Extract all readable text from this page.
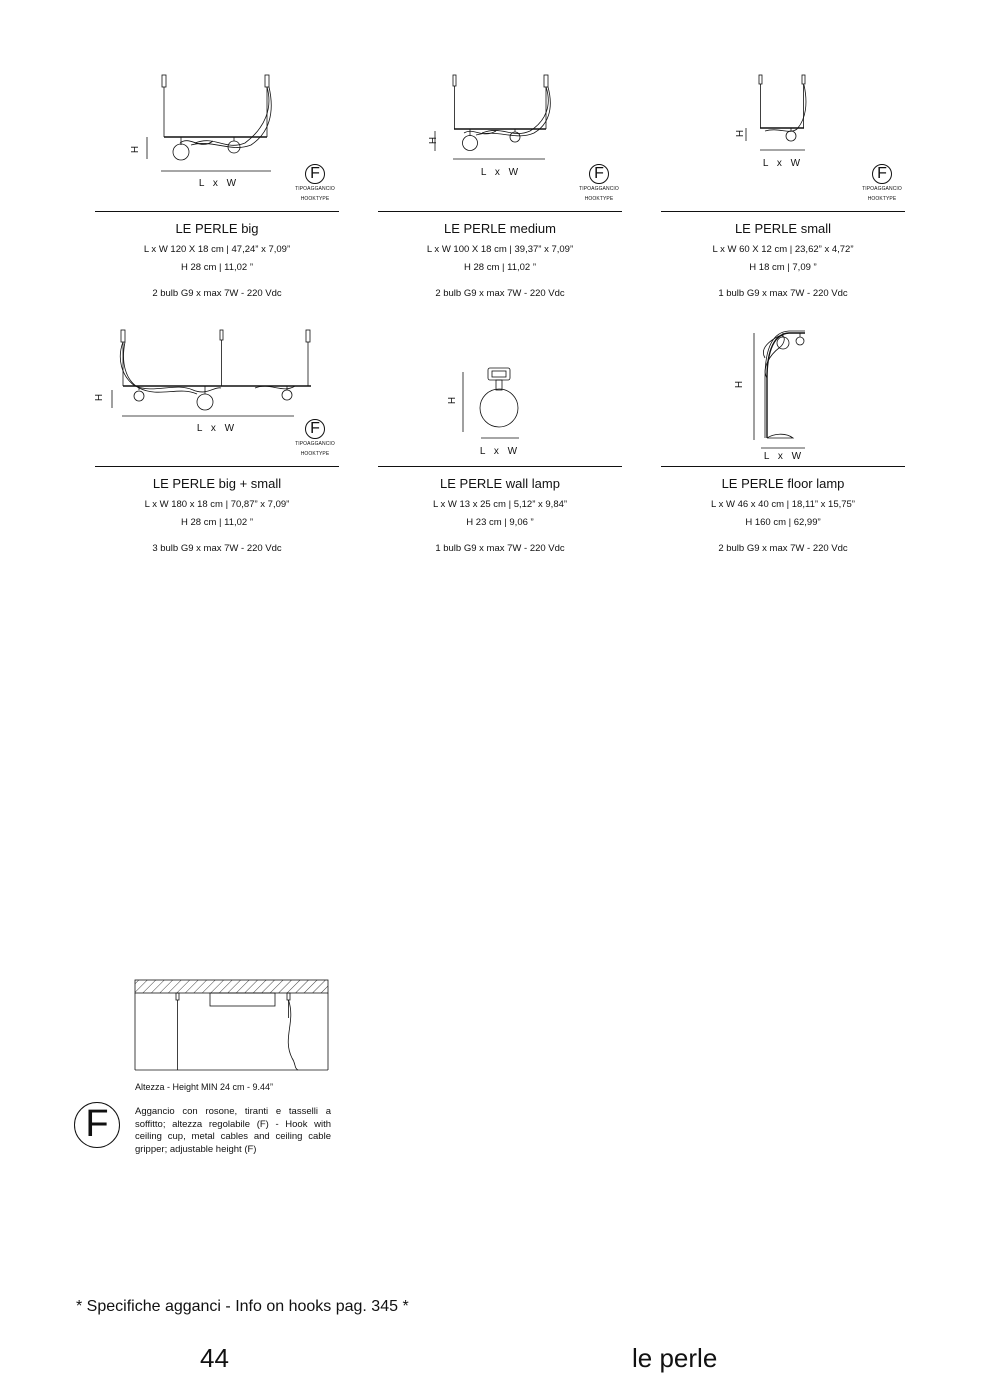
H
L x W
F
TIPOAGGANCIO
HOOKTYPE
LE PERLE big
L x W 120 X 18 cm | 47,24” x 7,09”
H 28 cm | 11,02 ”
2 bulb G9 x max 7W - 220 Vdc
H
L x W	F
TIPOAGGANCIO
HOOKTYPE
LE PERLE medium
L x W 100 X 18 cm | 39,37” x 7,09”
H 28 cm | 11,02 ”
2 bulb G9 x max 7W - 220 Vdc
H
L x W
F
TIPOAGGANCIO
HOOKTYPE
LE PERLE small
L x W 60 X 12 cm | 23,62” x 4,72”
H 18 cm | 7,09 ”
1 bulb G9 x max 7W - 220 Vdc
H
L x W	F
TIPOAGGANCIO
HOOKTYPE
LE PERLE big + small
L x W 180 x 18 cm | 70,87” x 7,09”
H 28 cm | 11,02 ”
3 bulb G9 x max 7W - 220 Vdc
H
L x W
LE PERLE wall lamp
L x W 13 x 25 cm | 5,12” x 9,84”
H 23 cm | 9,06 ”
1 bulb G9 x max 7W - 220 Vdc
H
L x W
LE PERLE floor lamp
L x W 46 x 40 cm | 18,11” x 15,75”
H 160 cm | 62,99”
2 bulb G9 x max 7W - 220 Vdc
Altezza - Height MIN 24 cm - 9.44”
F	Aggancio con rosone, tiranti e tasselli a soffitto; altezza regolabile (F) - Hook with ceiling cup, metal cables and ceiling cable gripper; adjustable height (F)
* Specifiche agganci - Info on hooks pag. 345 *
44	le perle
